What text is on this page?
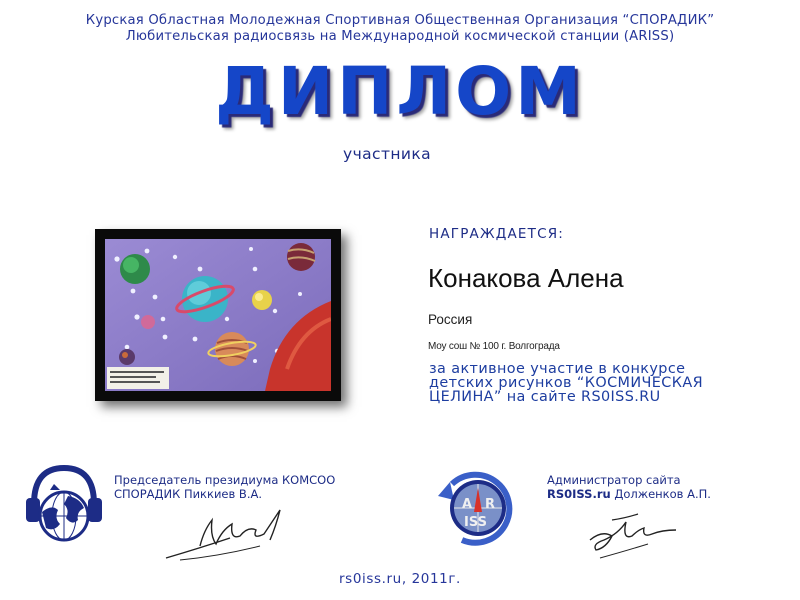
Курская Областная Молодежная Спортивная Общественная Организация “СПОРАДИК”
Любительская радиосвязь на Международной космической станции (ARISS)
ДИПЛОМ
участника
НАГРАЖДАЕТСЯ:
Конакова Алена
Россия
Моу сош № 100 г. Волгограда
за активное участие в конкурсе
детских рисунков “КОСМИЧЕСКАЯ
ЦЕЛИНА” на сайте RS0ISS.RU
Председатель президиума КОМСОО
СПОРАДИК Пиккиев В.А.
A R
ISS
Администратор сайта
RS0ISS.ru Долженков А.П.
rs0iss.ru, 2011г.
